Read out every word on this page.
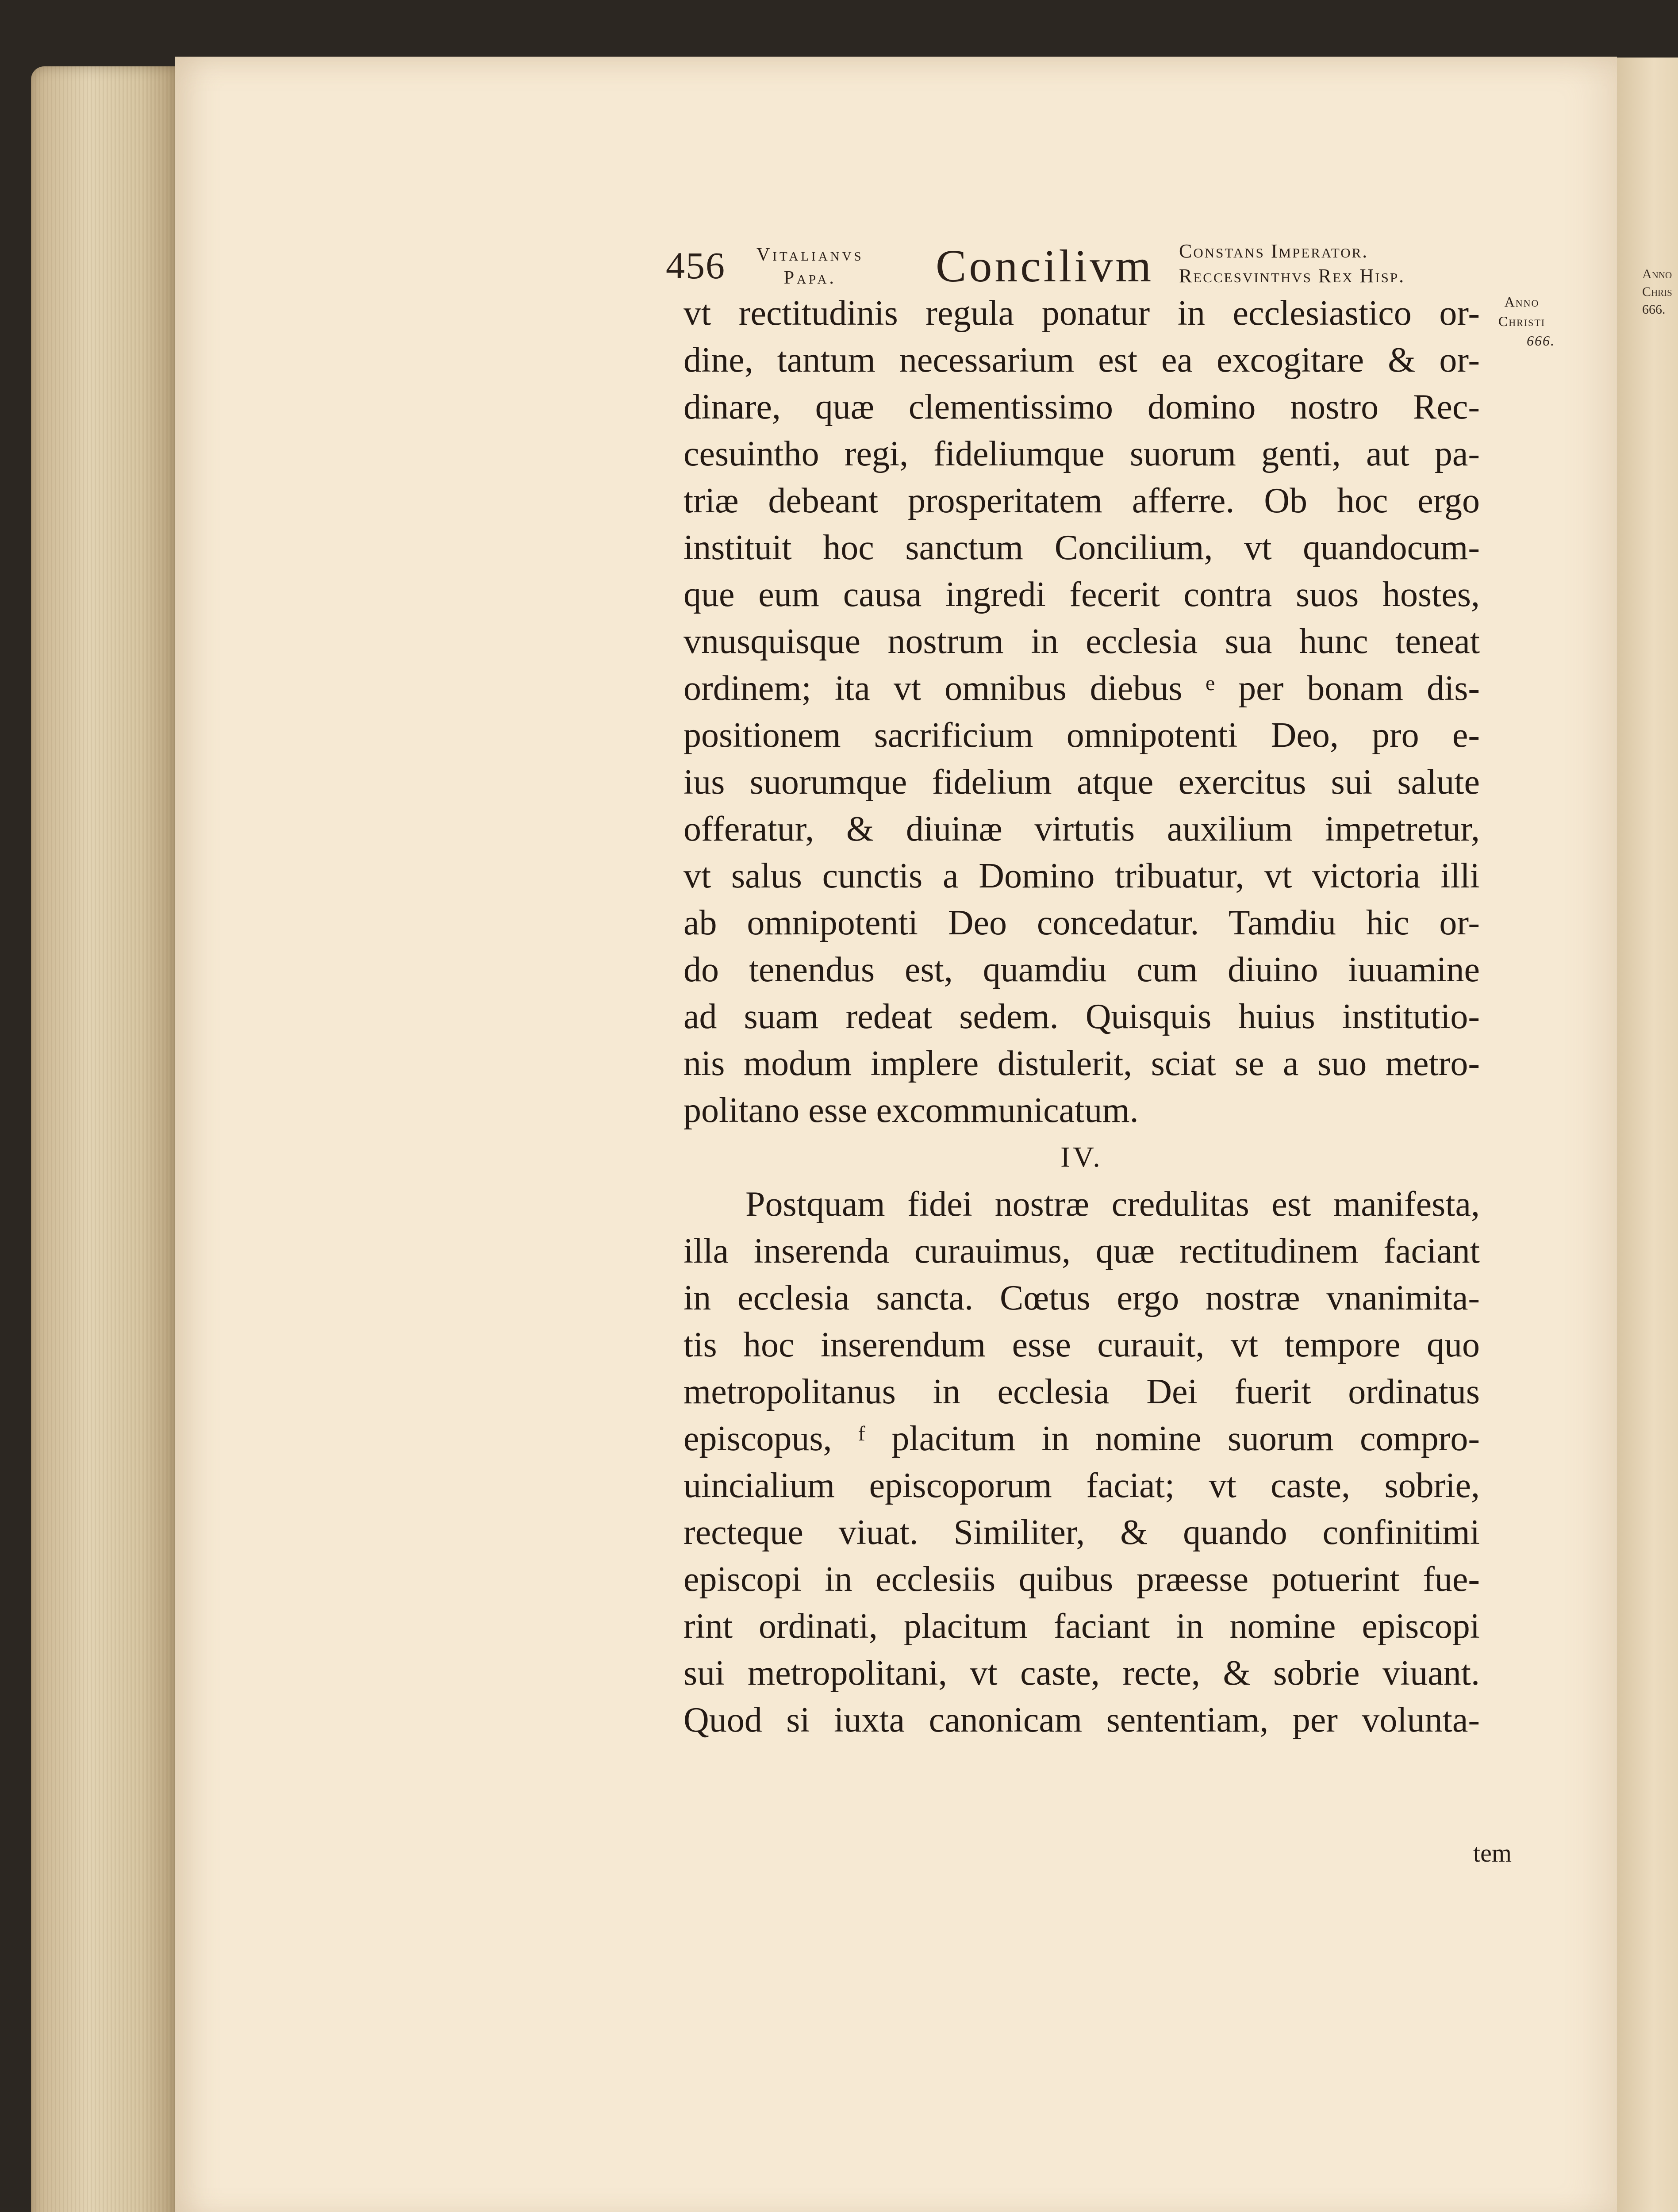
Anno
Chris
666.
456 Vitalianvs
Papa.	Concilivm Constans Imperator.
Reccesvinthvs Rex Hisp.
Anno
Christi
666.
vt rectitudinis regula ponatur in ecclesiastico or-
dine, tantum necessarium est ea excogitare & or-
dinare, quæ clementissimo domino nostro Rec-
cesuintho regi, fideliumque suorum genti, aut pa-
triæ debeant prosperitatem afferre. Ob hoc ergo
instituit hoc sanctum Concilium, vt quandocum-
que eum causa ingredi fecerit contra suos hostes,
vnusquisque nostrum in ecclesia sua hunc teneat
ordinem; ita vt omnibus diebus ᵉ per bonam dis-
positionem sacrificium omnipotenti Deo, pro e-
ius suorumque fidelium atque exercitus sui salute
offeratur, & diuinæ virtutis auxilium impetretur,
vt salus cunctis a Domino tribuatur, vt victoria illi
ab omnipotenti Deo concedatur. Tamdiu hic or-
do tenendus est, quamdiu cum diuino iuuamine
ad suam redeat sedem. Quisquis huius institutio-
nis modum implere distulerit, sciat se a suo metro-
politano esse excommunicatum.
IV.
Postquam fidei nostræ credulitas est manifesta,
illa inserenda curauimus, quæ rectitudinem faciant
in ecclesia sancta. Cœtus ergo nostræ vnanimita-
tis hoc inserendum esse curauit, vt tempore quo
metropolitanus in ecclesia Dei fuerit ordinatus
episcopus, ᶠ placitum in nomine suorum compro-
uincialium episcoporum faciat; vt caste, sobrie,
recteque viuat. Similiter, & quando confinitimi
episcopi in ecclesiis quibus præesse potuerint fue-
rint ordinati, placitum faciant in nomine episcopi
sui metropolitani, vt caste, recte, & sobrie viuant.
Quod si iuxta canonicam sententiam, per volunta-
tem
